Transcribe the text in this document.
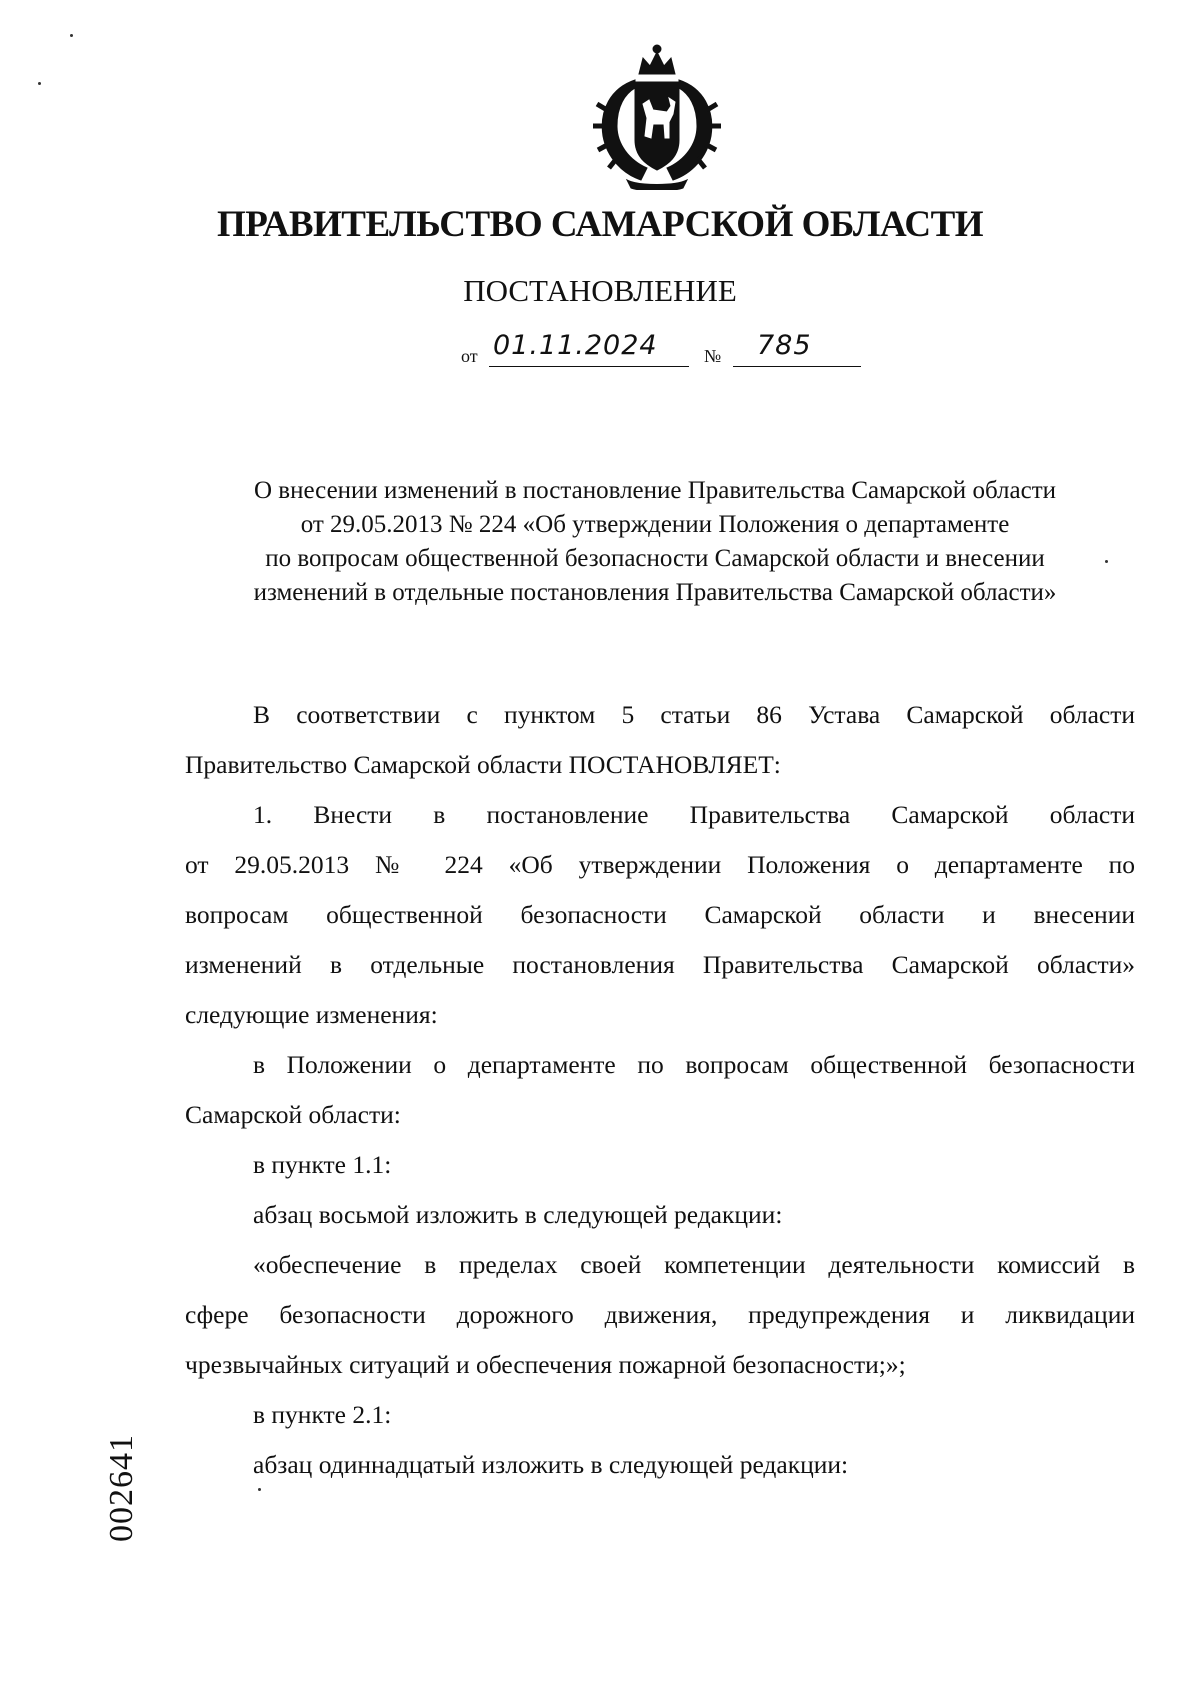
ПРАВИТЕЛЬСТВО САМАРСКОЙ ОБЛАСТИ
ПОСТАНОВЛЕНИЕ
от 01.11.2024	№ 785
О внесении изменений в постановление Правительства Самарской области
от 29.05.2013 № 224 «Об утверждении Положения о департаменте
по вопросам общественной безопасности Самарской области и внесении
изменений в отдельные постановления Правительства Самарской области»
В соответствии с пунктом 5 статьи 86 Устава Самарской области
Правительство Самарской области ПОСТАНОВЛЯЕТ:
1. Внести в постановление Правительства Самарской области
от 29.05.2013 № 224 «Об утверждении Положения о департаменте по
вопросам общественной безопасности Самарской области и внесении
изменений в отдельные постановления Правительства Самарской области»
следующие изменения:
в Положении о департаменте по вопросам общественной безопасности
Самарской области:
в пункте 1.1:
абзац восьмой изложить в следующей редакции:
«обеспечение в пределах своей компетенции деятельности комиссий в
сфере безопасности дорожного движения, предупреждения и ликвидации
чрезвычайных ситуаций и обеспечения пожарной безопасности;»;
в пункте 2.1:
абзац одиннадцатый изложить в следующей редакции:
002641
